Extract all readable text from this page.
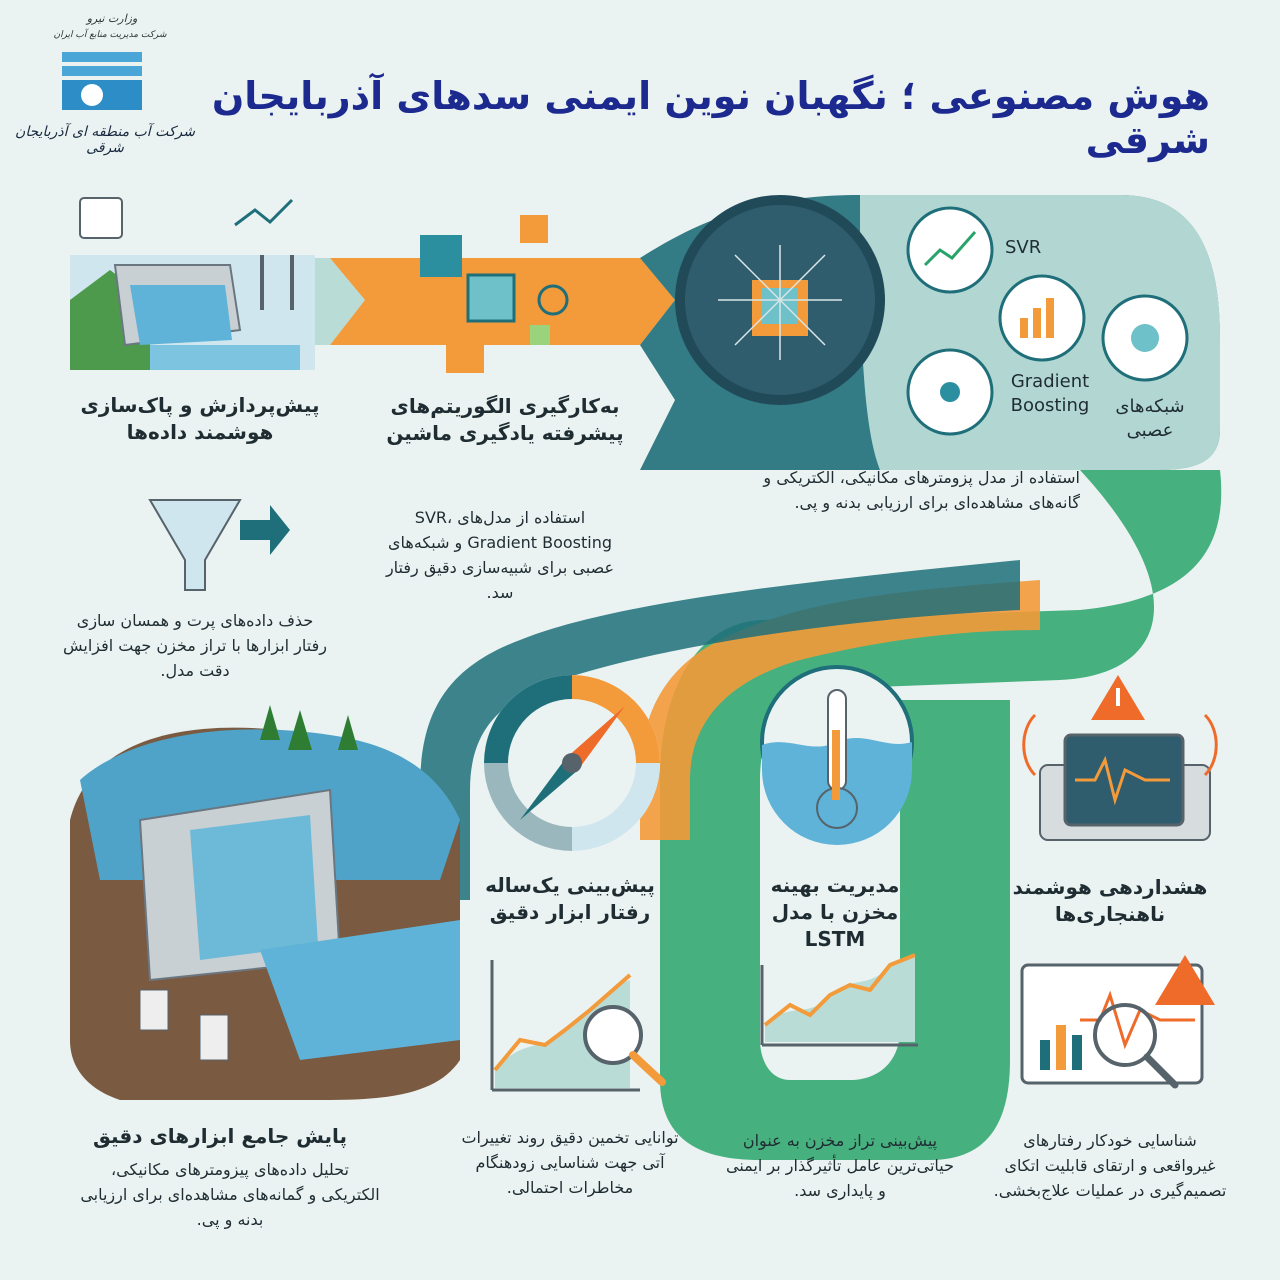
وزارت نیرو
شرکت مدیریت منابع آب ایران
شرکت آب منطقه ای آذربایجان شرقی
هوش مصنوعی ؛ نگهبان نوین ایمنی سدهای آذربایجان شرقی
پیش‌پردازش و پاک‌سازی هوشمند داده‌ها
حذف داده‌های پرت و همسان سازی رفتار ابزارها با تراز مخزن جهت افزایش دقت مدل.
به‌کارگیری الگوریتم‌های پیشرفته یادگیری ماشین
استفاده از مدل‌های SVR، Gradient Boosting و شبکه‌های عصبی برای شبیه‌سازی دقیق رفتار سد.
SVR
Gradient Boosting	شبکه‌های عصبی
استفاده از مدل پزومترهای مکانیکی، الکتریکی و گانه‌های مشاهده‌ای برای ارزیابی بدنه و پی.
پیش‌بینی یک‌ساله رفتار ابزار دقیق
توانایی تخمین دقیق روند تغییرات آتی جهت شناسایی زودهنگام مخاطرات احتمالی.
مدیریت بهینه مخزن با مدل LSTM
پیش‌بینی تراز مخزن به عنوان حیاتی‌ترین عامل تأثیرگذار بر ایمنی و پایداری سد.
هشداردهی هوشمند ناهنجاری‌ها
شناسایی خودکار رفتارهای غیرواقعی و ارتقای قابلیت اتکای تصمیم‌گیری در عملیات علاج‌بخشی.
پایش جامع ابزارهای دقیق
تحلیل داده‌های پیزومترهای مکانیکی، الکتریکی و گمانه‌های مشاهده‌ای برای ارزیابی بدنه و پی.
